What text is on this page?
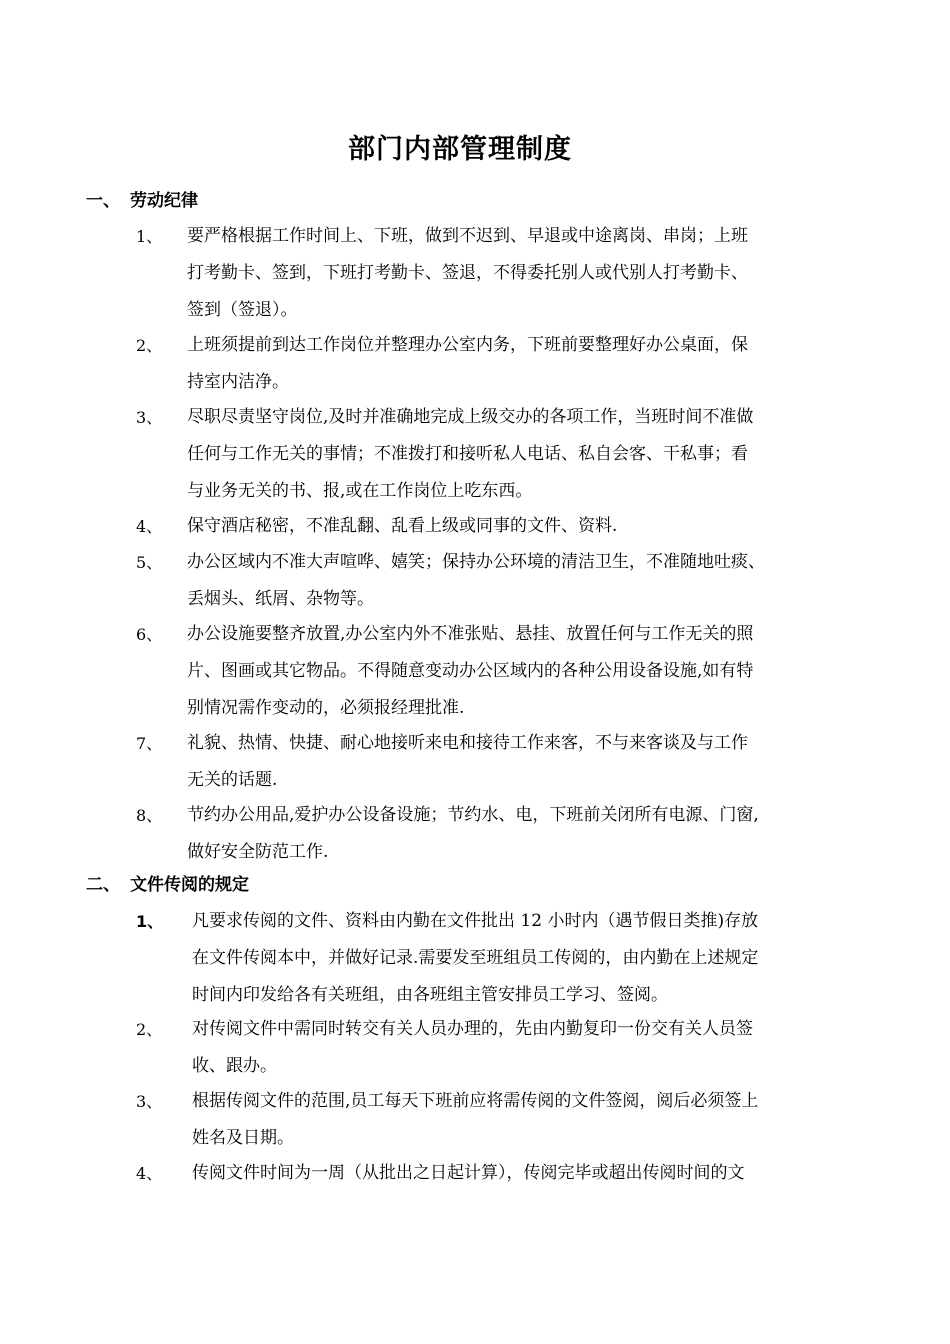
部门内部管理制度
一、 劳动纪律
1、 要严格根据工作时间上、下班，做到不迟到、早退或中途离岗、串岗；上班
打考勤卡、签到，下班打考勤卡、签退，不得委托别人或代别人打考勤卡、
签到（签退）。
2、 上班须提前到达工作岗位并整理办公室内务，下班前要整理好办公桌面，保
持室内洁净。
3、 尽职尽责坚守岗位,及时并准确地完成上级交办的各项工作，当班时间不准做
任何与工作无关的事情；不准拨打和接听私人电话、私自会客、干私事；看
与业务无关的书、报,或在工作岗位上吃东西。
4、 保守酒店秘密，不准乱翻、乱看上级或同事的文件、资料.
5、 办公区域内不准大声喧哗、嬉笑；保持办公环境的清洁卫生，不准随地吐痰、
丢烟头、纸屑、杂物等。
6、 办公设施要整齐放置,办公室内外不准张贴、悬挂、放置任何与工作无关的照
片、图画或其它物品。不得随意变动办公区域内的各种公用设备设施,如有特
别情况需作变动的，必须报经理批准.
7、 礼貌、热情、快捷、耐心地接听来电和接待工作来客，不与来客谈及与工作
无关的话题.
8、 节约办公用品,爱护办公设备设施；节约水、电，下班前关闭所有电源、门窗,
做好安全防范工作.
二、 文件传阅的规定
1、 凡要求传阅的文件、资料由内勤在文件批出 12 小时内（遇节假日类推)存放
在文件传阅本中，并做好记录.需要发至班组员工传阅的，由内勤在上述规定
时间内印发给各有关班组，由各班组主管安排员工学习、签阅。
2、 对传阅文件中需同时转交有关人员办理的，先由内勤复印一份交有关人员签
收、跟办。
3、 根据传阅文件的范围,员工每天下班前应将需传阅的文件签阅，阅后必须签上
姓名及日期。
4、 传阅文件时间为一周（从批出之日起计算），传阅完毕或超出传阅时间的文
